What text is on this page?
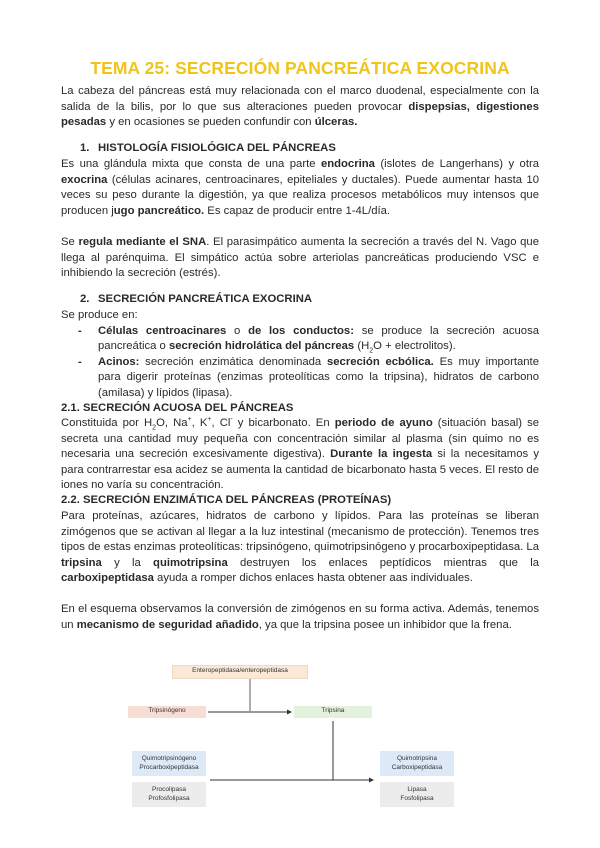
TEMA 25: SECRECIÓN PANCREÁTICA EXOCRINA

La cabeza del páncreas está muy relacionada con el marco duodenal, especialmente con la salida de la bilis, por lo que sus alteraciones pueden provocar dispepsias, digestiones pesadas y en ocasiones se pueden confundir con úlceras.

1. HISTOLOGÍA FISIOLÓGICA DEL PÁNCREAS

Es una glándula mixta que consta de una parte endocrina (islotes de Langerhans) y otra exocrina (células acinares, centroacinares, epiteliales y ductales). Puede aumentar hasta 10 veces su peso durante la digestión, ya que realiza procesos metabólicos muy intensos que producen jugo pancreático. Es capaz de producir entre 1-4L/día.

Se regula mediante el SNA. El parasimpático aumenta la secreción a través del N. Vago que llega al parénquima. El simpático actúa sobre arteriolas pancreáticas produciendo VSC e inhibiendo la secreción (estrés).

2. SECRECIÓN PANCREÁTICA EXOCRINA

Se produce en:

- Células centroacinares o de los conductos: se produce la secreción acuosa pancreática o secreción hidrolática del páncreas ($H_2O$ + electrolitos).
- Acinos: secreción enzimática denominada secreción ecbólica. Es muy importante para digerir proteínas (enzimas proteolíticas como la tripsina), hidratos de carbono (amilasa) y lípidos (lipasa).
2.1. SECRECIÓN ACUOSA DEL PÁNCREAS

Constituida por $H_2O$, Na+, K+, Cl- y bicarbonato. En periodo de ayuno (situación basal) se secreta una cantidad muy pequeña con concentración similar al plasma (sin quimo no es necesaria una secreción excesivamente digestiva). Durante la ingesta si la necesitamos y para contrarrestar esa acidez se aumenta la cantidad de bicarbonato hasta 5 veces. El resto de iones no varía su concentración.

2.2. SECRECIÓN ENZIMÁTICA DEL PÁNCREAS (PROTEÍNAS)

Para proteínas, azúcares, hidratos de carbono y lípidos. Para las proteínas se liberan zimógenos que se activan al llegar a la luz intestinal (mecanismo de protección). Tenemos tres tipos de estas enzimas proteolíticas: tripsinógeno, quimotripsinógeno y procarboxipeptidasa. La tripsina y la quimotripsina destruyen los enlaces peptídicos mientras que la carboxipeptidasa ayuda a romper dichos enlaces hasta obtener aas individuales.

En el esquema observamos la conversión de zimógenos en su forma activa. Además, tenemos un mecanismo de seguridad añadido, ya que la tripsina posee un inhibidor que la frena.

Enteropeptidasa/enteropeptidasa
Tripsinógeno	Tripsina
Quimotripsinógeno
Procarboxipeptidasa
Procolipasa
Profosfolipasa
Quimotripsina
Carboxipeptidasa
Lipasa
Fosfolipasa
